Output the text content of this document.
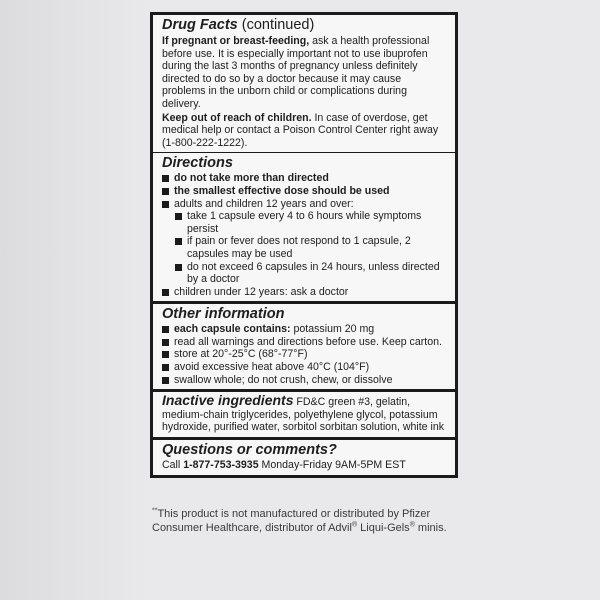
Drug Facts (continued)

If pregnant or breast-feeding, ask a health professional before use. It is especially important not to use ibuprofen during the last 3 months of pregnancy unless definitely directed to do so by a doctor because it may cause problems in the unborn child or complications during delivery.

Keep out of reach of children. In case of overdose, get medical help or contact a Poison Control Center right away (1-800-222-1222).

Directions
do not take more than directed
the smallest effective dose should be used
adults and children 12 years and over:
take 1 capsule every 4 to 6 hours while symptoms persist
if pain or fever does not respond to 1 capsule, 2 capsules may be used
do not exceed 6 capsules in 24 hours, unless directed by a doctor
children under 12 years: ask a doctor
Other information
each capsule contains: potassium 20 mg
read all warnings and directions before use. Keep carton.
store at 20°-25°C (68°-77°F)
avoid excessive heat above 40°C (104°F)
swallow whole; do not crush, chew, or dissolve

Inactive ingredients FD&C green #3, gelatin, medium-chain triglycerides, polyethylene glycol, potassium hydroxide, purified water, sorbitol sorbitan solution, white ink

Questions or comments?

Call 1-877-753-3935 Monday-Friday 9AM-5PM EST

**This product is not manufactured or distributed by Pfizer Consumer Healthcare, distributor of Advil® Liqui-Gels® minis.
